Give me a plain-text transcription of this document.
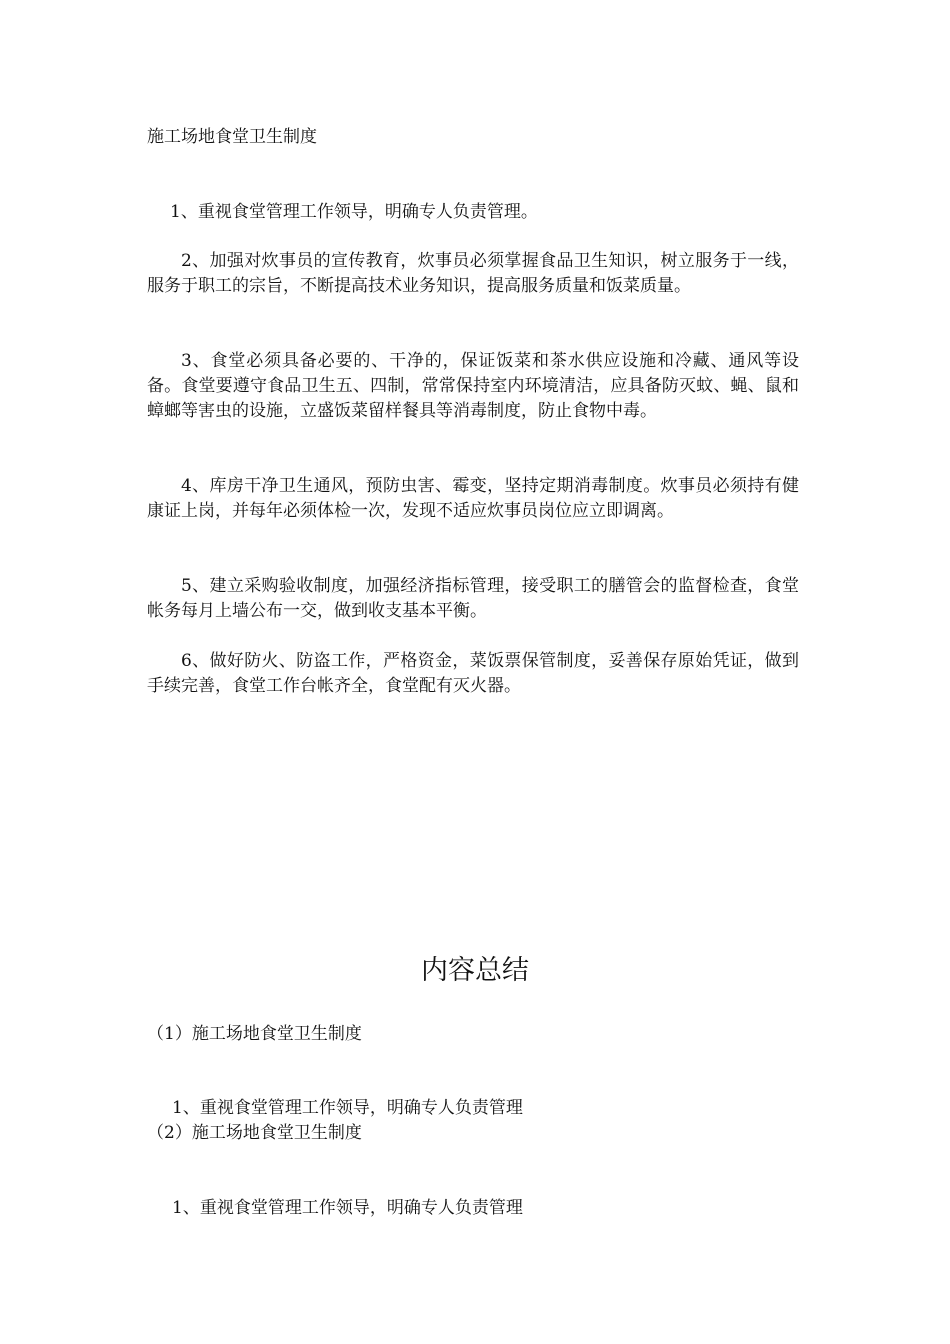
施工场地食堂卫生制度
1、重视食堂管理工作领导，明确专人负责管理。
2、加强对炊事员的宣传教育，炊事员必须掌握食品卫生知识，树立服务于一线，服务于职工的宗旨，不断提高技术业务知识，提高服务质量和饭菜质量。
3、食堂必须具备必要的、干净的，保证饭菜和茶水供应设施和冷藏、通风等设备。食堂要遵守食品卫生五、四制，常常保持室内环境清洁，应具备防灭蚊、蝇、鼠和蟑螂等害虫的设施，立盛饭菜留样餐具等消毒制度，防止食物中毒。
4、库房干净卫生通风，预防虫害、霉变，坚持定期消毒制度。炊事员必须持有健康证上岗，并每年必须体检一次，发现不适应炊事员岗位应立即调离。
5、建立采购验收制度，加强经济指标管理，接受职工的膳管会的监督检查，食堂帐务每月上墙公布一交，做到收支基本平衡。
6、做好防火、防盗工作，严格资金，菜饭票保管制度，妥善保存原始凭证，做到手续完善，食堂工作台帐齐全，食堂配有灭火器。
内容总结
（1）施工场地食堂卫生制度
1、重视食堂管理工作领导，明确专人负责管理
（2）施工场地食堂卫生制度
1、重视食堂管理工作领导，明确专人负责管理
